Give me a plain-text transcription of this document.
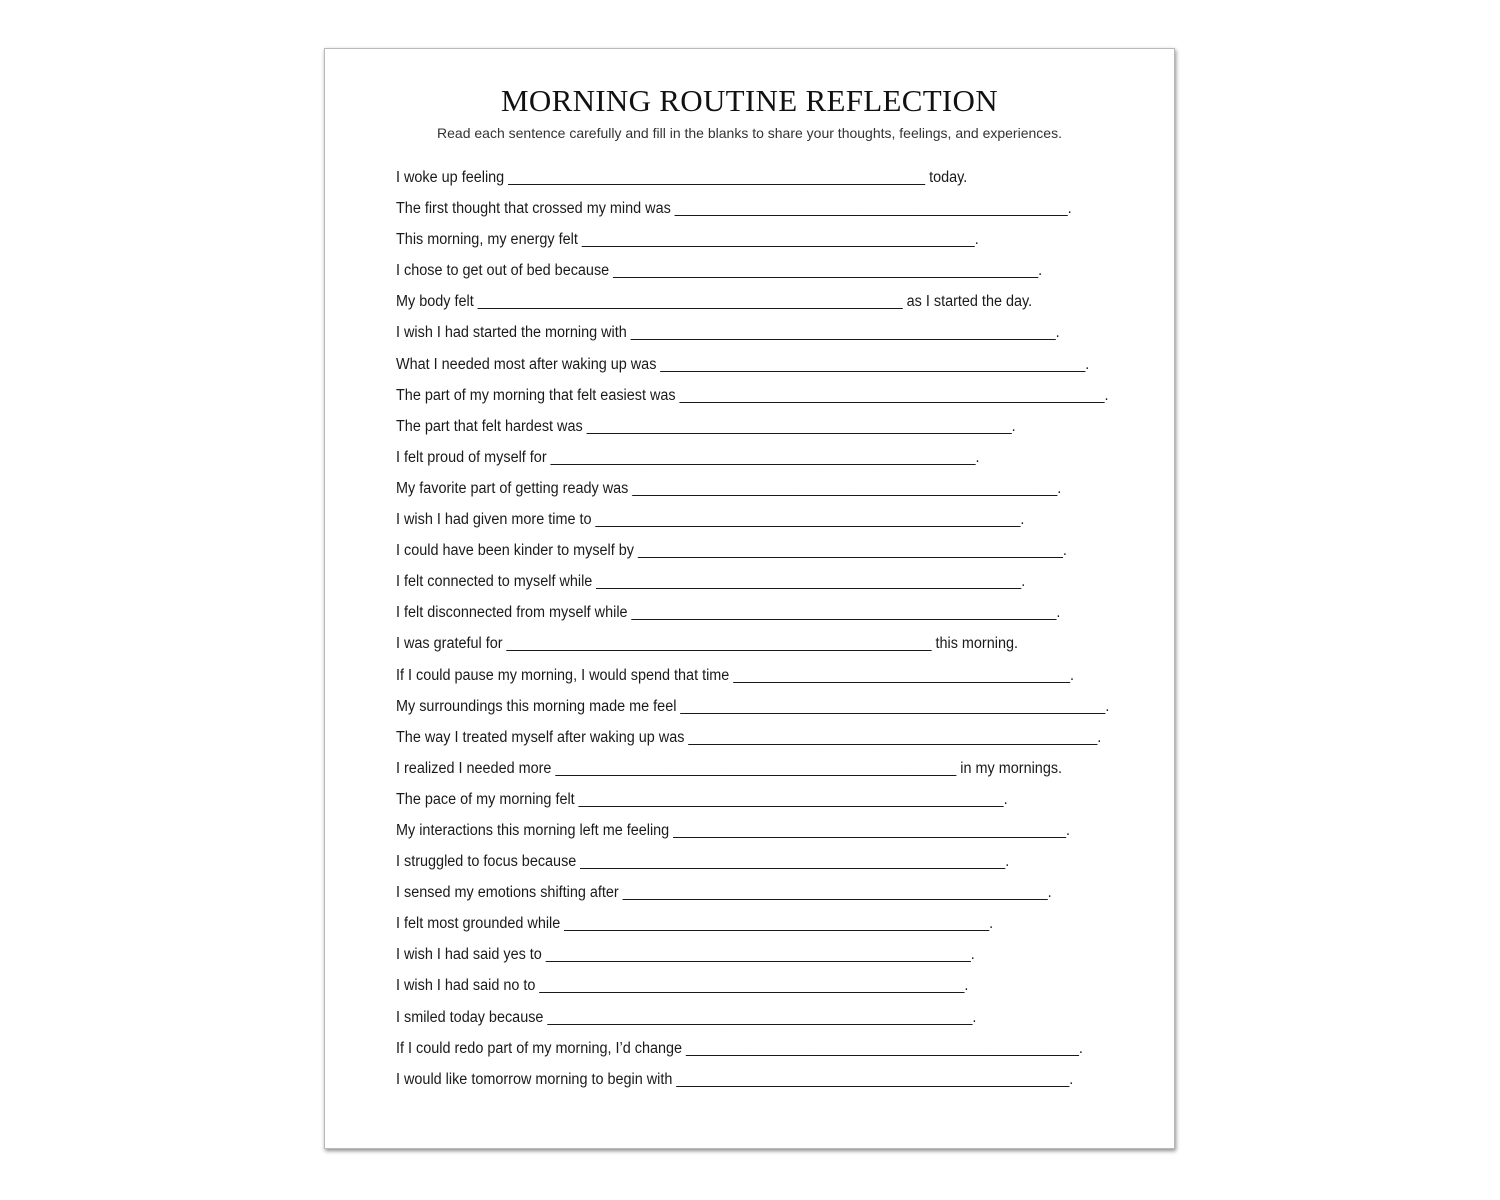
MORNING ROUTINE REFLECTION

Read each sentence carefully and fill in the blanks to share your thoughts, feelings, and experiences.

I woke up feeling ____________________________________________________ today.
The first thought that crossed my mind was _________________________________________________.
This morning, my energy felt _________________________________________________.
I chose to get out of bed because _____________________________________________________.
My body felt _____________________________________________________ as I started the day.
I wish I had started the morning with _____________________________________________________.
What I needed most after waking up was _____________________________________________________.
The part of my morning that felt easiest was _____________________________________________________.
The part that felt hardest was _____________________________________________________.
I felt proud of myself for _____________________________________________________.
My favorite part of getting ready was _____________________________________________________.
I wish I had given more time to _____________________________________________________.
I could have been kinder to myself by _____________________________________________________.
I felt connected to myself while _____________________________________________________.
I felt disconnected from myself while _____________________________________________________.
I was grateful for _____________________________________________________ this morning.
If I could pause my morning, I would spend that time __________________________________________.
My surroundings this morning made me feel _____________________________________________________.
The way I treated myself after waking up was ___________________________________________________.
I realized I needed more __________________________________________________ in my mornings.
The pace of my morning felt _____________________________________________________.
My interactions this morning left me feeling _________________________________________________.
I struggled to focus because _____________________________________________________.
I sensed my emotions shifting after _____________________________________________________.
I felt most grounded while _____________________________________________________.
I wish I had said yes to _____________________________________________________.
I wish I had said no to _____________________________________________________.
I smiled today because _____________________________________________________.
If I could redo part of my morning, I’d change _________________________________________________.
I would like tomorrow morning to begin with _________________________________________________.
